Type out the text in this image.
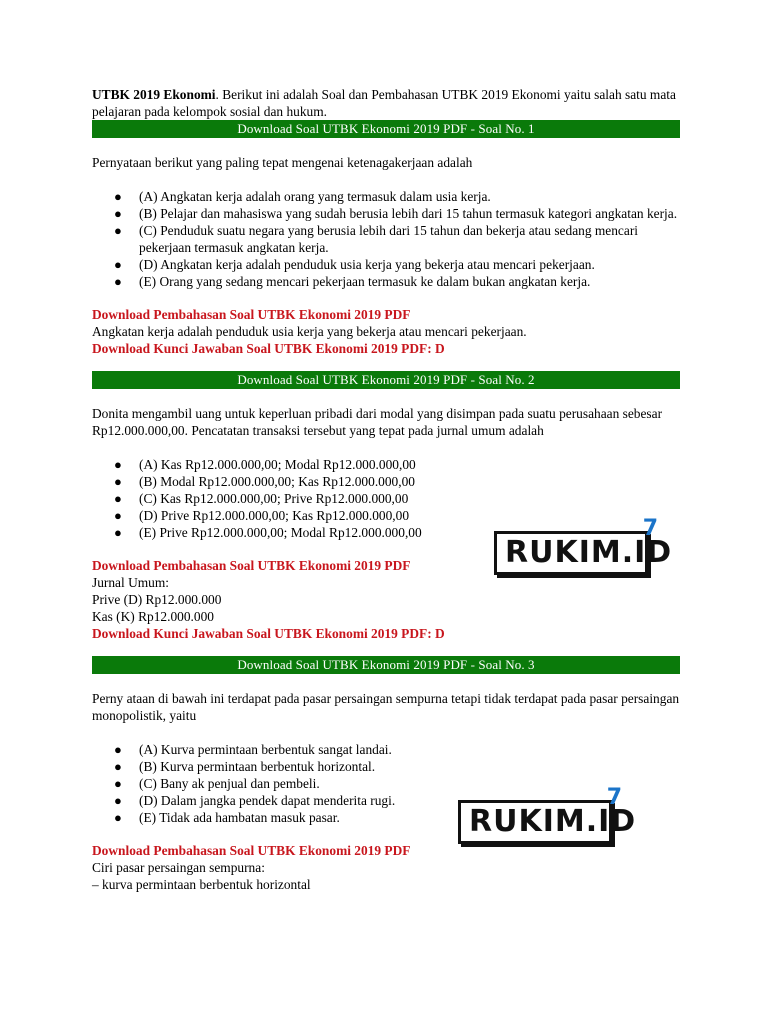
UTBK 2019 Ekonomi. Berikut ini adalah Soal dan Pembahasan UTBK 2019 Ekonomi yaitu salah satu mata pelajaran pada kelompok sosial dan hukum.

Download Soal UTBK Ekonomi 2019 PDF - Soal No. 1

Pernyataan berikut yang paling tepat mengenai ketenagakerjaan adalah

● (A) Angkatan kerja adalah orang yang termasuk dalam usia kerja.
● (B) Pelajar dan mahasiswa yang sudah berusia lebih dari 15 tahun termasuk kategori angkatan kerja.
● (C) Penduduk suatu negara yang berusia lebih dari 15 tahun dan bekerja atau sedang mencari pekerjaan termasuk angkatan kerja.
● (D) Angkatan kerja adalah penduduk usia kerja yang bekerja atau mencari pekerjaan.
● (E) Orang yang sedang mencari pekerjaan termasuk ke dalam bukan angkatan kerja.
Download Pembahasan Soal UTBK Ekonomi 2019 PDF

Angkatan kerja adalah penduduk usia kerja yang bekerja atau mencari pekerjaan.

Download Kunci Jawaban Soal UTBK Ekonomi 2019 PDF: D
Download Soal UTBK Ekonomi 2019 PDF - Soal No. 2

Donita mengambil uang untuk keperluan pribadi dari modal yang disimpan pada suatu perusahaan sebesar Rp12.000.000,00. Pencatatan transaksi tersebut yang tepat pada jurnal umum adalah

● (A) Kas Rp12.000.000,00; Modal Rp12.000.000,00
● (B) Modal Rp12.000.000,00; Kas Rp12.000.000,00
● (C) Kas Rp12.000.000,00; Prive Rp12.000.000,00
● (D) Prive Rp12.000.000,00; Kas Rp12.000.000,00
● (E) Prive Rp12.000.000,00; Modal Rp12.000.000,00
Download Pembahasan Soal UTBK Ekonomi 2019 PDF

Jurnal Umum:

Prive (D) Rp12.000.000

Kas (K) Rp12.000.000

Download Kunci Jawaban Soal UTBK Ekonomi 2019 PDF: D
Download Soal UTBK Ekonomi 2019 PDF - Soal No. 3

Perny ataan di bawah ini terdapat pada pasar persaingan sempurna tetapi tidak terdapat pada pasar persaingan monopolistik, yaitu

● (A) Kurva permintaan berbentuk sangat landai.
● (B) Kurva permintaan berbentuk horizontal.
● (C) Bany ak penjual dan pembeli.
● (D) Dalam jangka pendek dapat menderita rugi.
● (E) Tidak ada hambatan masuk pasar.
Download Pembahasan Soal UTBK Ekonomi 2019 PDF

Ciri pasar persaingan sempurna:

– kurva permintaan berbentuk horizontal

RUKIM.ID
7
RUKIM.ID
7
